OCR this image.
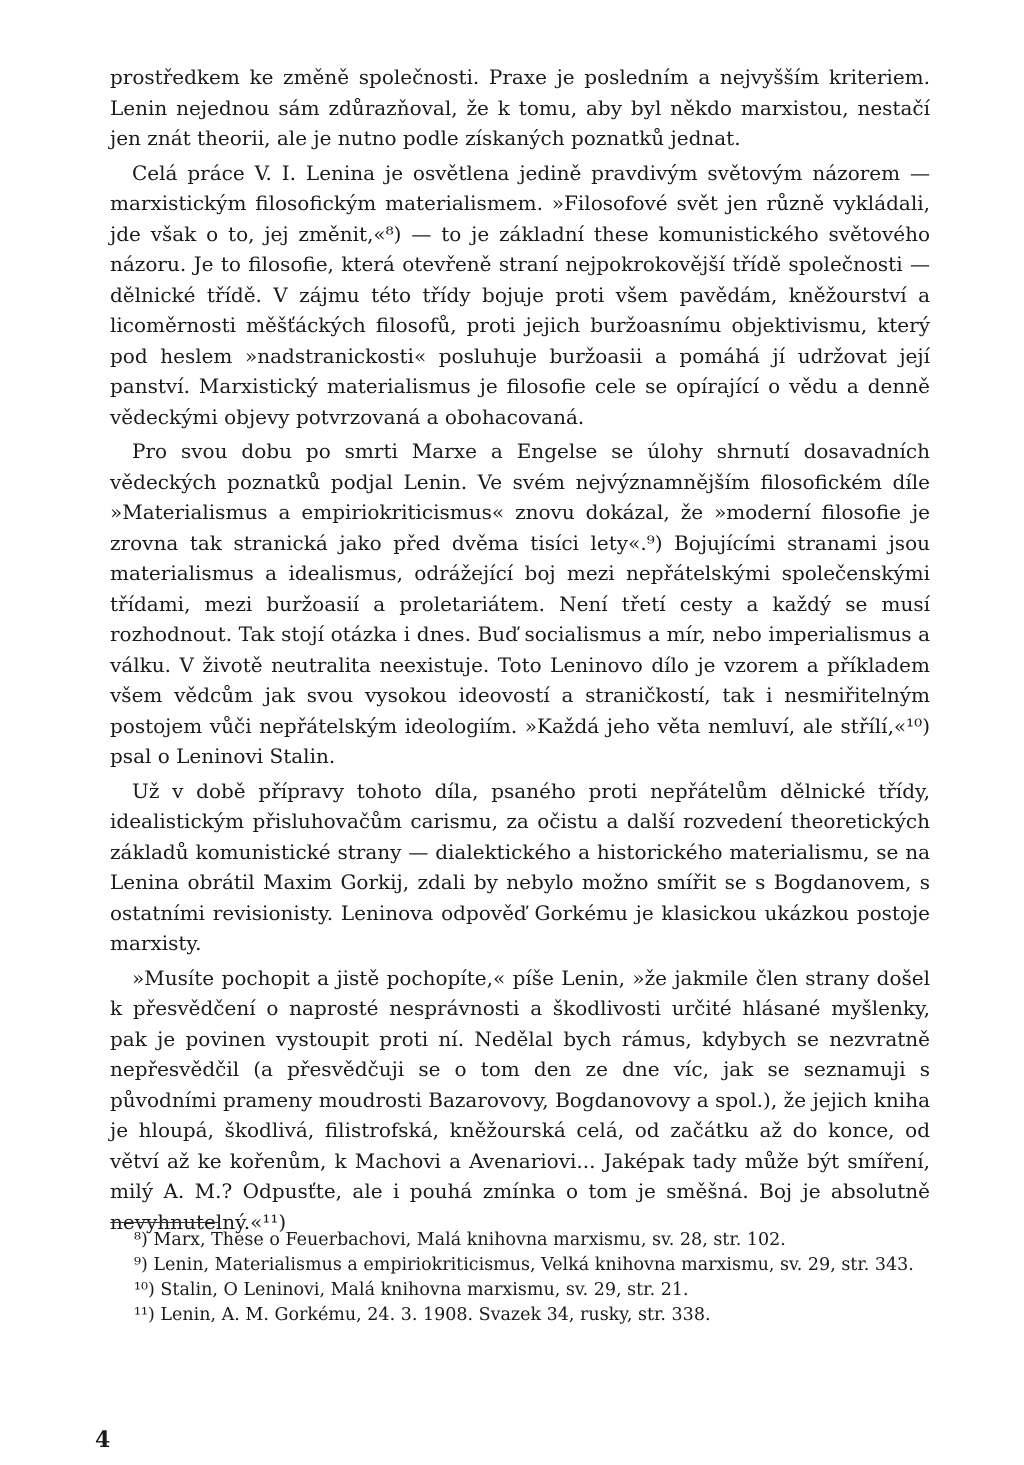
prostředkem ke změně společnosti. Praxe je posledním a nejvyšším kriteriem. Lenin nejednou sám zdůrazňoval, že k tomu, aby byl někdo marxistou, nestačí jen znát theorii, ale je nutno podle získaných poznatků jednat.

Celá práce V. I. Lenina je osvětlena jedině pravdivým světovým názorem — marxistickým filosofickým materialismem. »Filosofové svět jen různě vykládali, jde však o to, jej změnit,«⁸) — to je základní these komunistického světového názoru. Je to filosofie, která otevřeně straní nejpokrokovější třídě společnosti — dělnické třídě. V zájmu této třídy bojuje proti všem pavědám, kněžourství a licoměrnosti měšťáckých filosofů, proti jejich buržoasnímu objektivismu, který pod heslem »nadstranickosti« posluhuje buržoasii a pomáhá jí udržovat její panství. Marxistický materialismus je filosofie cele se opírající o vědu a denně vědeckými objevy potvrzovaná a obohacovaná.

Pro svou dobu po smrti Marxe a Engelse se úlohy shrnutí dosavadních vědeckých poznatků podjal Lenin. Ve svém nejvýznamnějším filosofickém díle »Materialismus a empiriokriticismus« znovu dokázal, že »moderní filosofie je zrovna tak stranická jako před dvěma tisíci lety«.⁹) Bojujícími stranami jsou materialismus a idealismus, odrážející boj mezi nepřátelskými společenskými třídami, mezi buržoasií a proletariátem. Není třetí cesty a každý se musí rozhodnout. Tak stojí otázka i dnes. Buď socialismus a mír, nebo imperialismus a válku. V životě neutralita neexistuje. Toto Leninovo dílo je vzorem a příkladem všem vědcům jak svou vysokou ideovostí a straničkostí, tak i nesmiřitelným postojem vůči nepřátelským ideologiím. »Každá jeho věta nemluví, ale střílí,«¹⁰) psal o Leninovi Stalin.

Už v době přípravy tohoto díla, psaného proti nepřátelům dělnické třídy, idealistickým přisluhovačům carismu, za očistu a další rozvedení theoretických základů komunistické strany — dialektického a historického materialismu, se na Lenina obrátil Maxim Gorkij, zdali by nebylo možno smířit se s Bogdanovem, s ostatními revisionisty. Leninova odpověď Gorkému je klasickou ukázkou postoje marxisty.

»Musíte pochopit a jistě pochopíte,« píše Lenin, »že jakmile člen strany došel k přesvědčení o naprosté nesprávnosti a škodlivosti určité hlásané myšlenky, pak je povinen vystoupit proti ní. Nedělal bych rámus, kdybych se nezvratně nepřesvědčil (a přesvědčuji se o tom den ze dne víc, jak se seznamuji s původními prameny moudrosti Bazarovovy, Bogdanovovy a spol.), že jejich kniha je hloupá, škodlivá, filistrofská, kněžourská celá, od začátku až do konce, od větví až ke kořenům, k Machovi a Avenariovi... Jaképak tady může být smíření, milý A. M.? Odpusťte, ale i pouhá zmínka o tom je směšná. Boj je absolutně nevyhnutelný.«¹¹)

⁸) Marx, These o Feuerbachovi, Malá knihovna marxismu, sv. 28, str. 102.

⁹) Lenin, Materialismus a empiriokriticismus, Velká knihovna marxismu, sv. 29, str. 343.

¹⁰) Stalin, O Leninovi, Malá knihovna marxismu, sv. 29, str. 21.

¹¹) Lenin, A. M. Gorkému, 24. 3. 1908. Svazek 34, rusky, str. 338.

4
